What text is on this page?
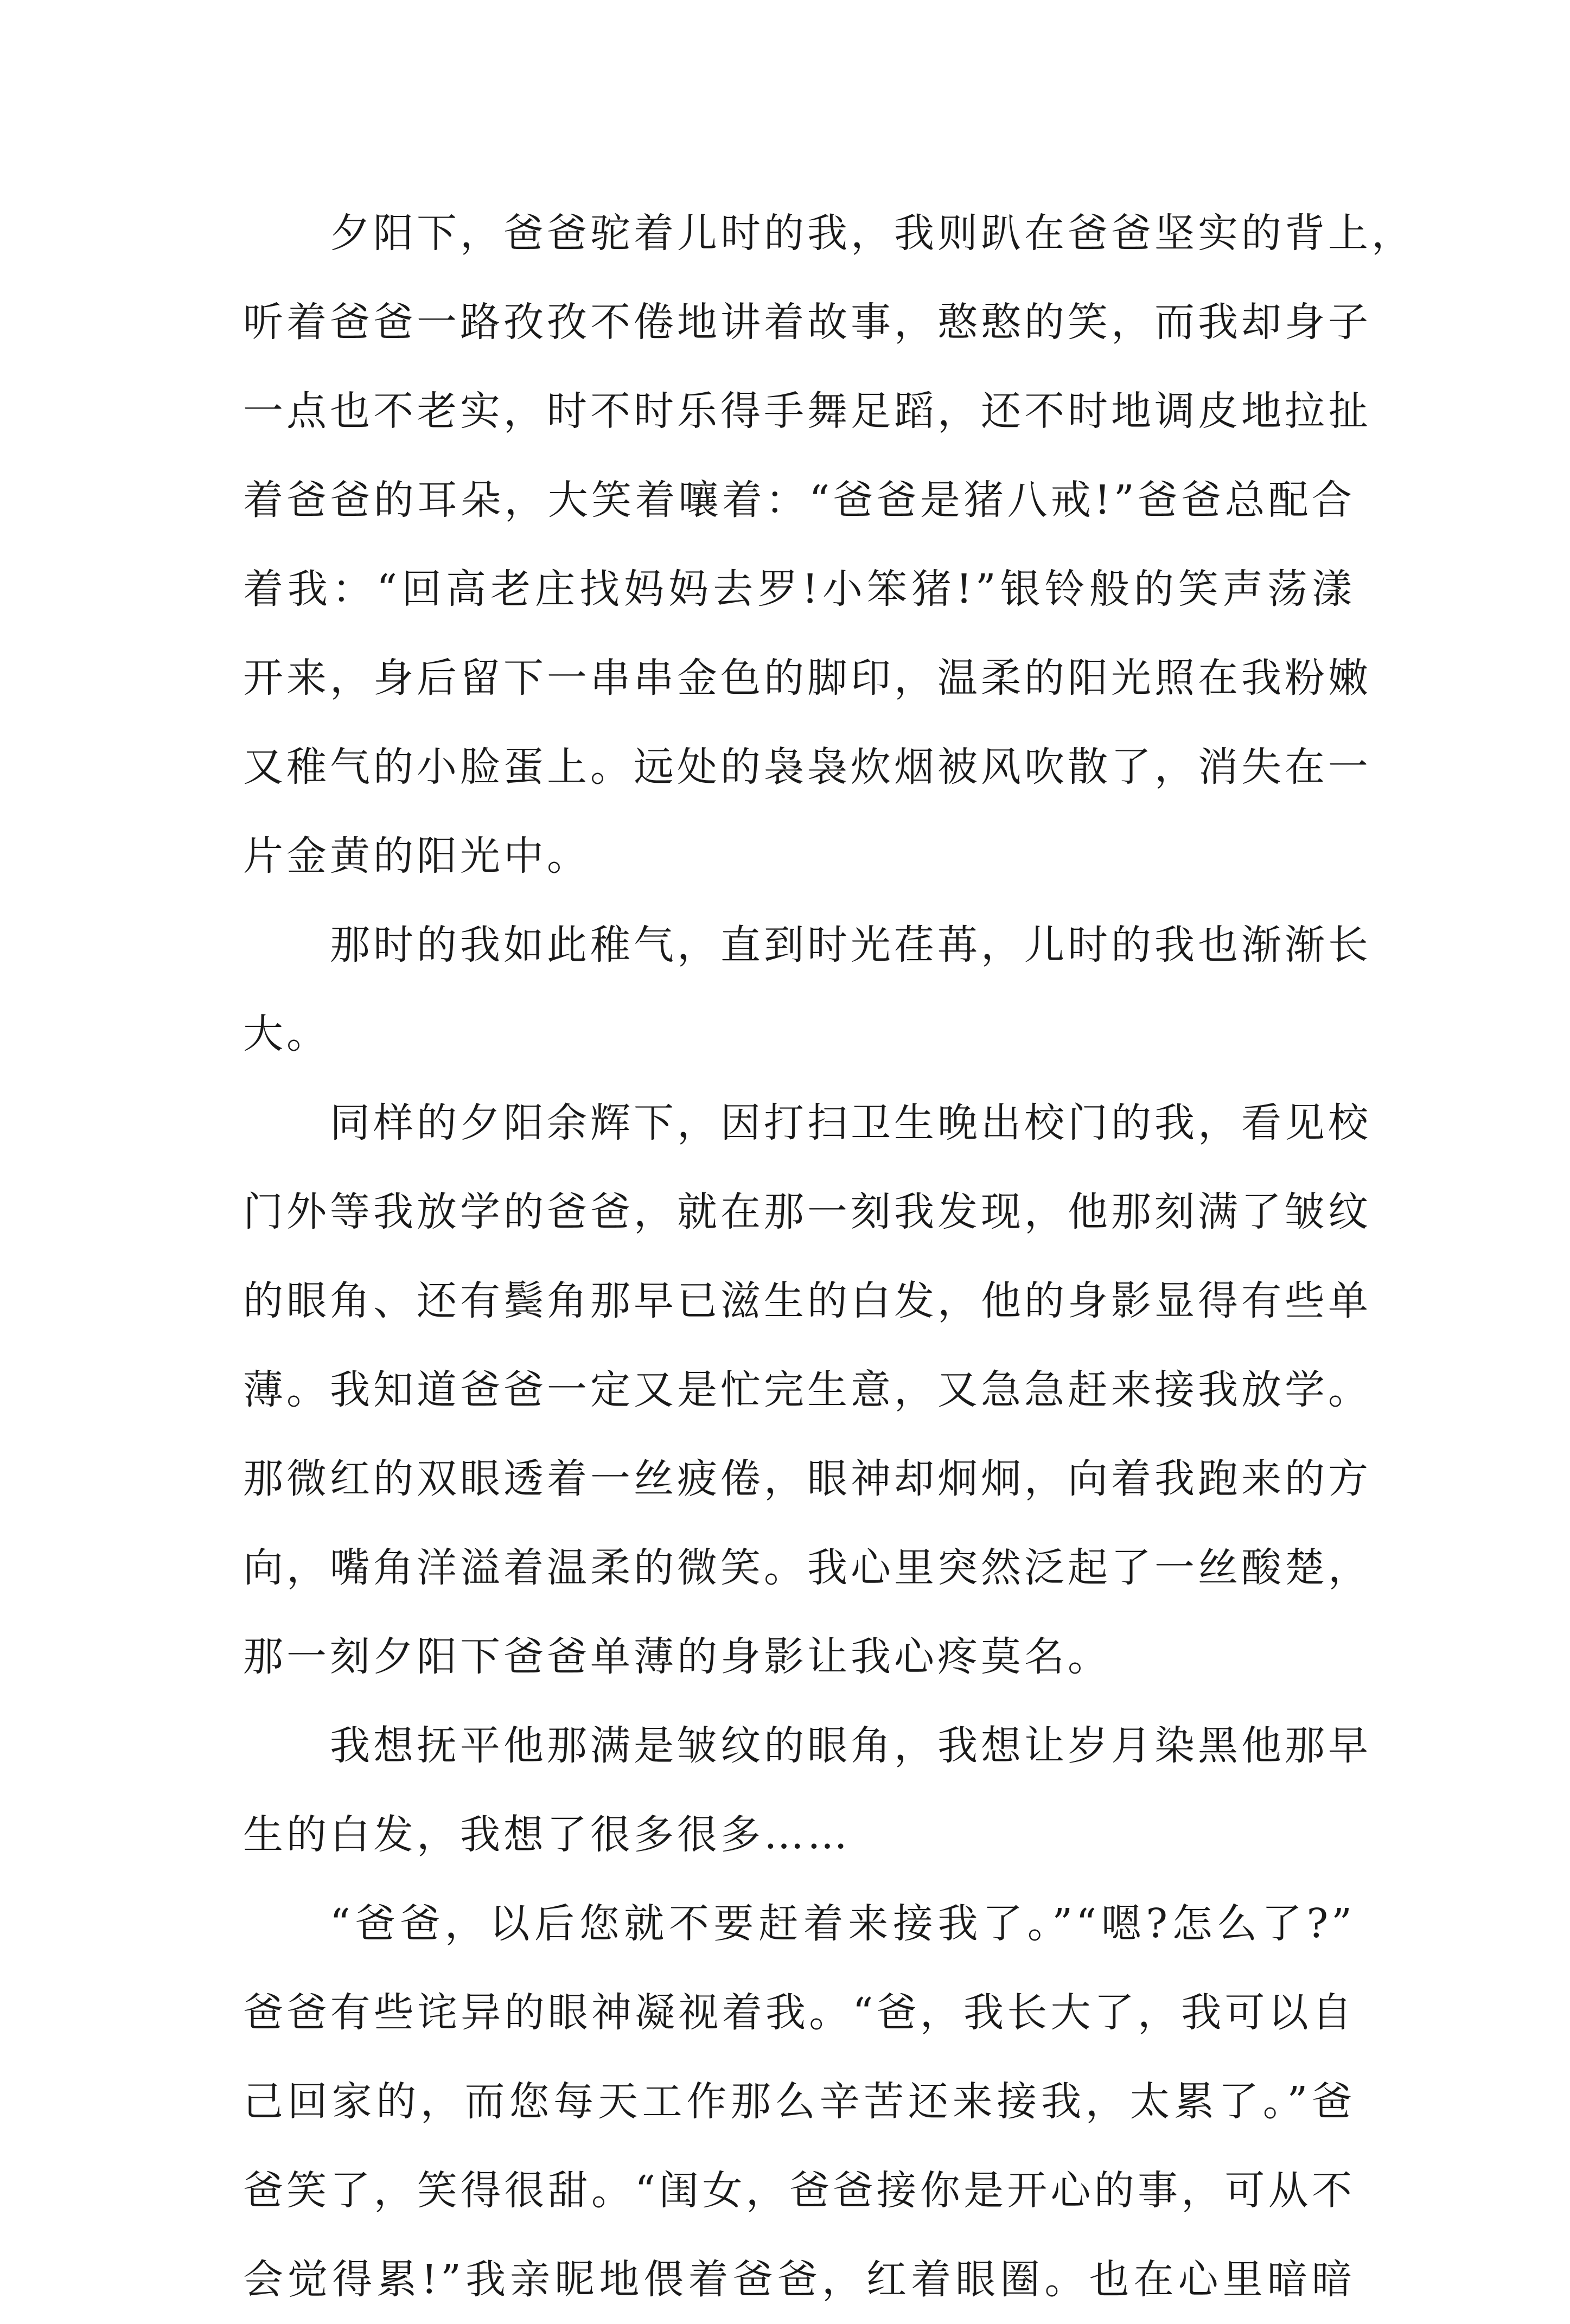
夕阳下，爸爸驼着儿时的我，我则趴在爸爸坚实的背上，
听着爸爸一路孜孜不倦地讲着故事，憨憨的笑，而我却身子
一点也不老实，时不时乐得手舞足蹈，还不时地调皮地拉扯
着爸爸的耳朵，大笑着嚷着：“爸爸是猪八戒!”爸爸总配合
着我：“回高老庄找妈妈去罗!小笨猪!”银铃般的笑声荡漾
开来，身后留下一串串金色的脚印，温柔的阳光照在我粉嫩
又稚气的小脸蛋上。远处的袅袅炊烟被风吹散了，消失在一
片金黄的阳光中。
那时的我如此稚气，直到时光荏苒，儿时的我也渐渐长
大。
同样的夕阳余辉下，因打扫卫生晚出校门的我，看见校
门外等我放学的爸爸，就在那一刻我发现，他那刻满了皱纹
的眼角、还有鬓角那早已滋生的白发，他的身影显得有些单
薄。我知道爸爸一定又是忙完生意，又急急赶来接我放学。
那微红的双眼透着一丝疲倦，眼神却炯炯，向着我跑来的方
向，嘴角洋溢着温柔的微笑。我心里突然泛起了一丝酸楚，
那一刻夕阳下爸爸单薄的身影让我心疼莫名。
我想抚平他那满是皱纹的眼角，我想让岁月染黑他那早
生的白发，我想了很多很多……
“爸爸，以后您就不要赶着来接我了。”“嗯?怎么了?”
爸爸有些诧异的眼神凝视着我。“爸，我长大了，我可以自
己回家的，而您每天工作那么辛苦还来接我，太累了。”爸
爸笑了，笑得很甜。“闺女，爸爸接你是开心的事，可从不
会觉得累!”我亲昵地偎着爸爸，红着眼圈。也在心里暗暗
